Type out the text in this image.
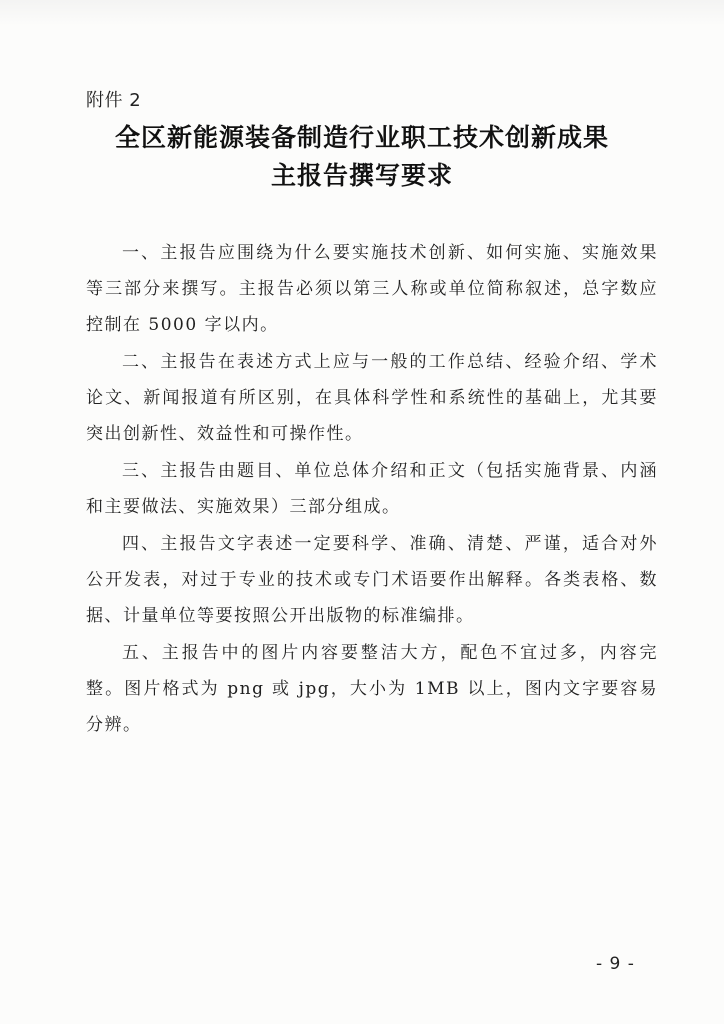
附件 2
全区新能源装备制造行业职工技术创新成果
主报告撰写要求

一、主报告应围绕为什么要实施技术创新、如何实施、实施效果等三部分来撰写。主报告必须以第三人称或单位简称叙述，总字数应控制在 5000 字以内。

二、主报告在表述方式上应与一般的工作总结、经验介绍、学术论文、新闻报道有所区别，在具体科学性和系统性的基础上，尤其要突出创新性、效益性和可操作性。

三、主报告由题目、单位总体介绍和正文（包括实施背景、内涵和主要做法、实施效果）三部分组成。

四、主报告文字表述一定要科学、准确、清楚、严谨，适合对外公开发表，对过于专业的技术或专门术语要作出解释。各类表格、数据、计量单位等要按照公开出版物的标准编排。

五、主报告中的图片内容要整洁大方，配色不宜过多，内容完整。图片格式为 png 或 jpg，大小为 1MB 以上，图内文字要容易分辨。

- 9 -
